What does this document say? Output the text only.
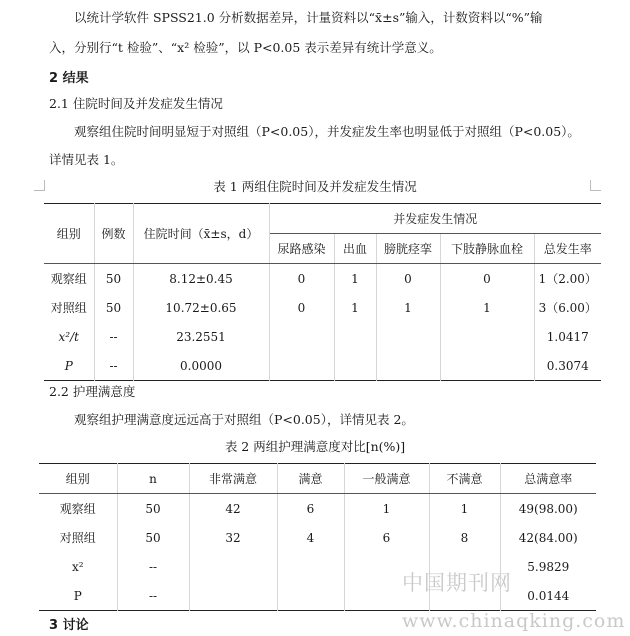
以统计学软件 SPSS21.0 分析数据差异，计量资料以“x̄±s”输入，计数资料以“%”输
入，分别行“t 检验”、“x² 检验”，以 P<0.05 表示差异有统计学意义。
2 结果
2.1 住院时间及并发症发生情况
观察组住院时间明显短于对照组（P<0.05），并发症发生率也明显低于对照组（P<0.05）。
详情见表 1。
表 1 两组住院时间及并发症发生情况
组别	例数	住院时间（x̄±s，d）	并发症发生情况				
			尿路感染	出血	膀胱痉挛	下肢静脉血栓	总发生率
观察组	50	8.12±0.45	0	1	0	0	1（2.00）
对照组	50	10.72±0.65	0	1	1	1	3（6.00）
x²/t	--	23.2551					1.0417
P	--	0.0000					0.3074
2.2 护理满意度
观察组护理满意度远远高于对照组（P<0.05），详情见表 2。
表 2 两组护理满意度对比[n(%)]
组别	n	非常满意	满意	一般满意	不满意	总满意率
观察组	50	42	6	1	1	49(98.00)
对照组	50	32	4	6	8	42(84.00)
x²	--					5.9829
P	--					0.0144
3 讨论
中国期刊网
www.chinaqking.com
